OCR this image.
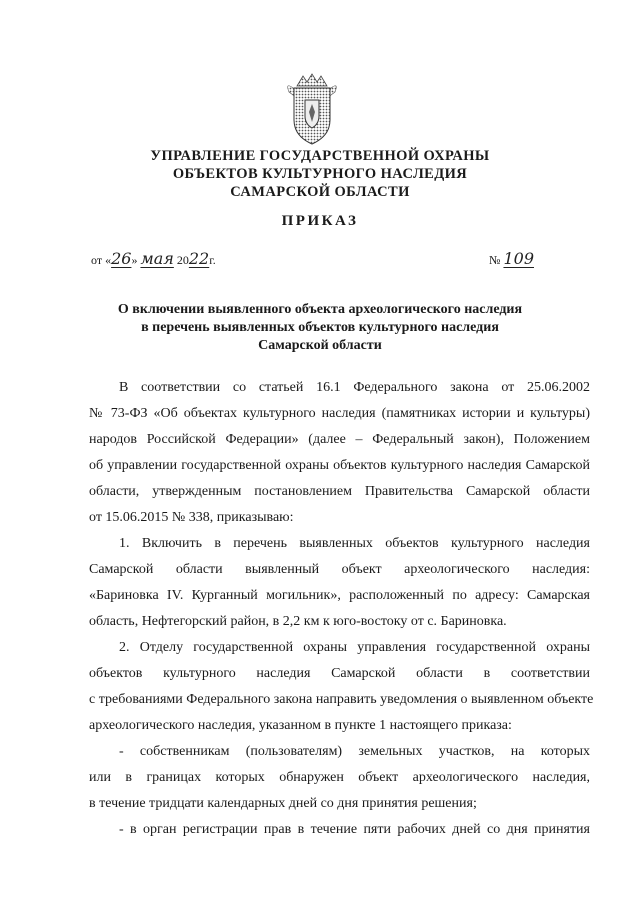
УПРАВЛЕНИЕ ГОСУДАРСТВЕННОЙ ОХРАНЫ
ОБЪЕКТОВ КУЛЬТУРНОГО НАСЛЕДИЯ
САМАРСКОЙ ОБЛАСТИ
ПРИКАЗ
от «26» мая 2022г.	№ 109
О включении выявленного объекта археологического наследия
в перечень выявленных объектов культурного наследия
Самарской области
В соответствии со статьей 16.1 Федерального закона от 25.06.2002
№ 73-ФЗ «Об объектах культурного наследия (памятниках истории и культуры)
народов Российской Федерации» (далее – Федеральный закон), Положением
об управлении государственной охраны объектов культурного наследия Самарской
области, утвержденным постановлением Правительства Самарской области
от 15.06.2015 № 338, приказываю:
1. Включить в перечень выявленных объектов культурного наследия
Самарской области выявленный объект археологического наследия:
«Бариновка IV. Курганный могильник», расположенный по адресу: Самарская
область, Нефтегорский район, в 2,2 км к юго-востоку от с. Бариновка.
2. Отделу государственной охраны управления государственной охраны
объектов культурного наследия Самарской области в соответствии
с требованиями Федерального закона направить уведомления о выявленном объекте
археологического наследия, указанном в пункте 1 настоящего приказа:
- собственникам (пользователям) земельных участков, на которых
или в границах которых обнаружен объект археологического наследия,
в течение тридцати календарных дней со дня принятия решения;
- в орган регистрации прав в течение пяти рабочих дней со дня принятия
